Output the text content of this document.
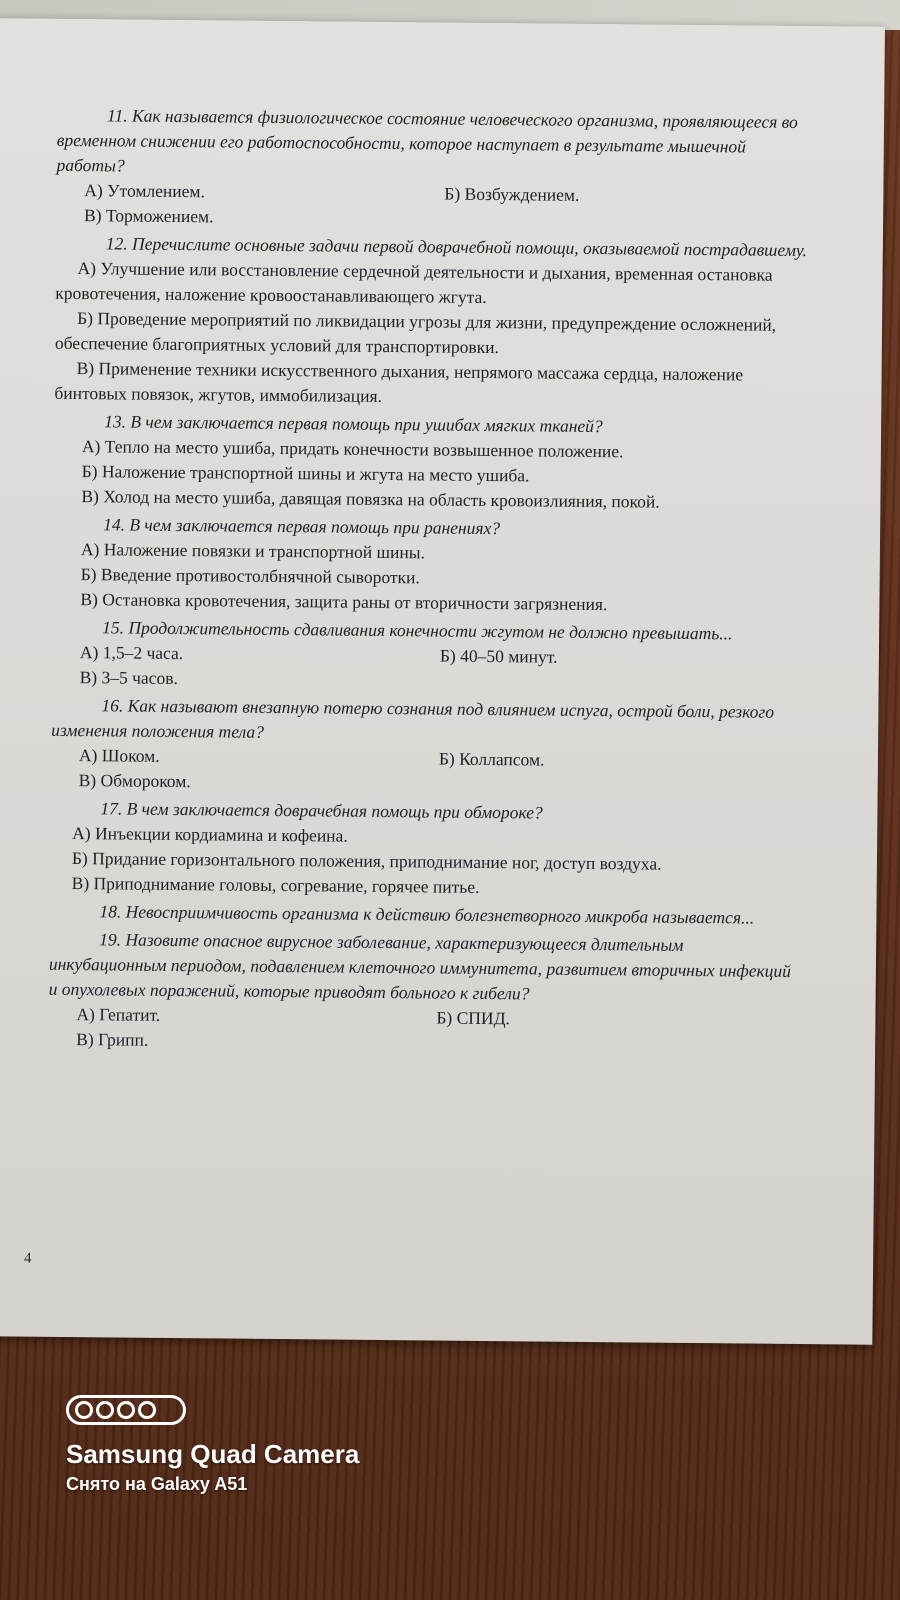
11. Как называется физиологическое состояние человеческого организма, проявляющееся во временном снижении его работоспособности, которое наступает в результате мышечной работы?

А) Утомлением.	Б) Возбуждением.
В) Торможением.

12. Перечислите основные задачи первой доврачебной помощи, оказываемой пострадавшему.

А) Улучшение или восстановление сердечной деятельности и дыхания, временная остановка кровотечения, наложение кровоостанавливающего жгута.

Б) Проведение мероприятий по ликвидации угрозы для жизни, предупреждение осложнений, обеспечение благоприятных условий для транспортировки.

В) Применение техники искусственного дыхания, непрямого массажа сердца, наложение бинтовых повязок, жгутов, иммобилизация.

13. В чем заключается первая помощь при ушибах мягких тканей?

А) Тепло на место ушиба, придать конечности возвышенное положение.

Б) Наложение транспортной шины и жгута на место ушиба.

В) Холод на место ушиба, давящая повязка на область кровоизлияния, покой.

14. В чем заключается первая помощь при ранениях?

А) Наложение повязки и транспортной шины.

Б) Введение противостолбнячной сыворотки.

В) Остановка кровотечения, защита раны от вторичности загрязнения.

15. Продолжительность сдавливания конечности жгутом не должно превышать...

А) 1,5–2 часа.	Б) 40–50 минут.
В) 3–5 часов.

16. Как называют внезапную потерю сознания под влиянием испуга, острой боли, резкого изменения положения тела?

А) Шоком.	Б) Коллапсом.
В) Обмороком.

17. В чем заключается доврачебная помощь при обмороке?

А) Инъекции кордиамина и кофеина.

Б) Придание горизонтального положения, приподнимание ног, доступ воздуха.

В) Приподнимание головы, согревание, горячее питье.

18. Невосприимчивость организма к действию болезнетворного микроба называется...

19. Назовите опасное вирусное заболевание, характеризующееся длительным инкубационным периодом, подавлением клеточного иммунитета, развитием вторичных инфекций и опухолевых поражений, которые приводят больного к гибели?

А) Гепатит.	Б) СПИД.
В) Грипп.
4
Samsung Quad Camera
Снято на Galaxy A51
